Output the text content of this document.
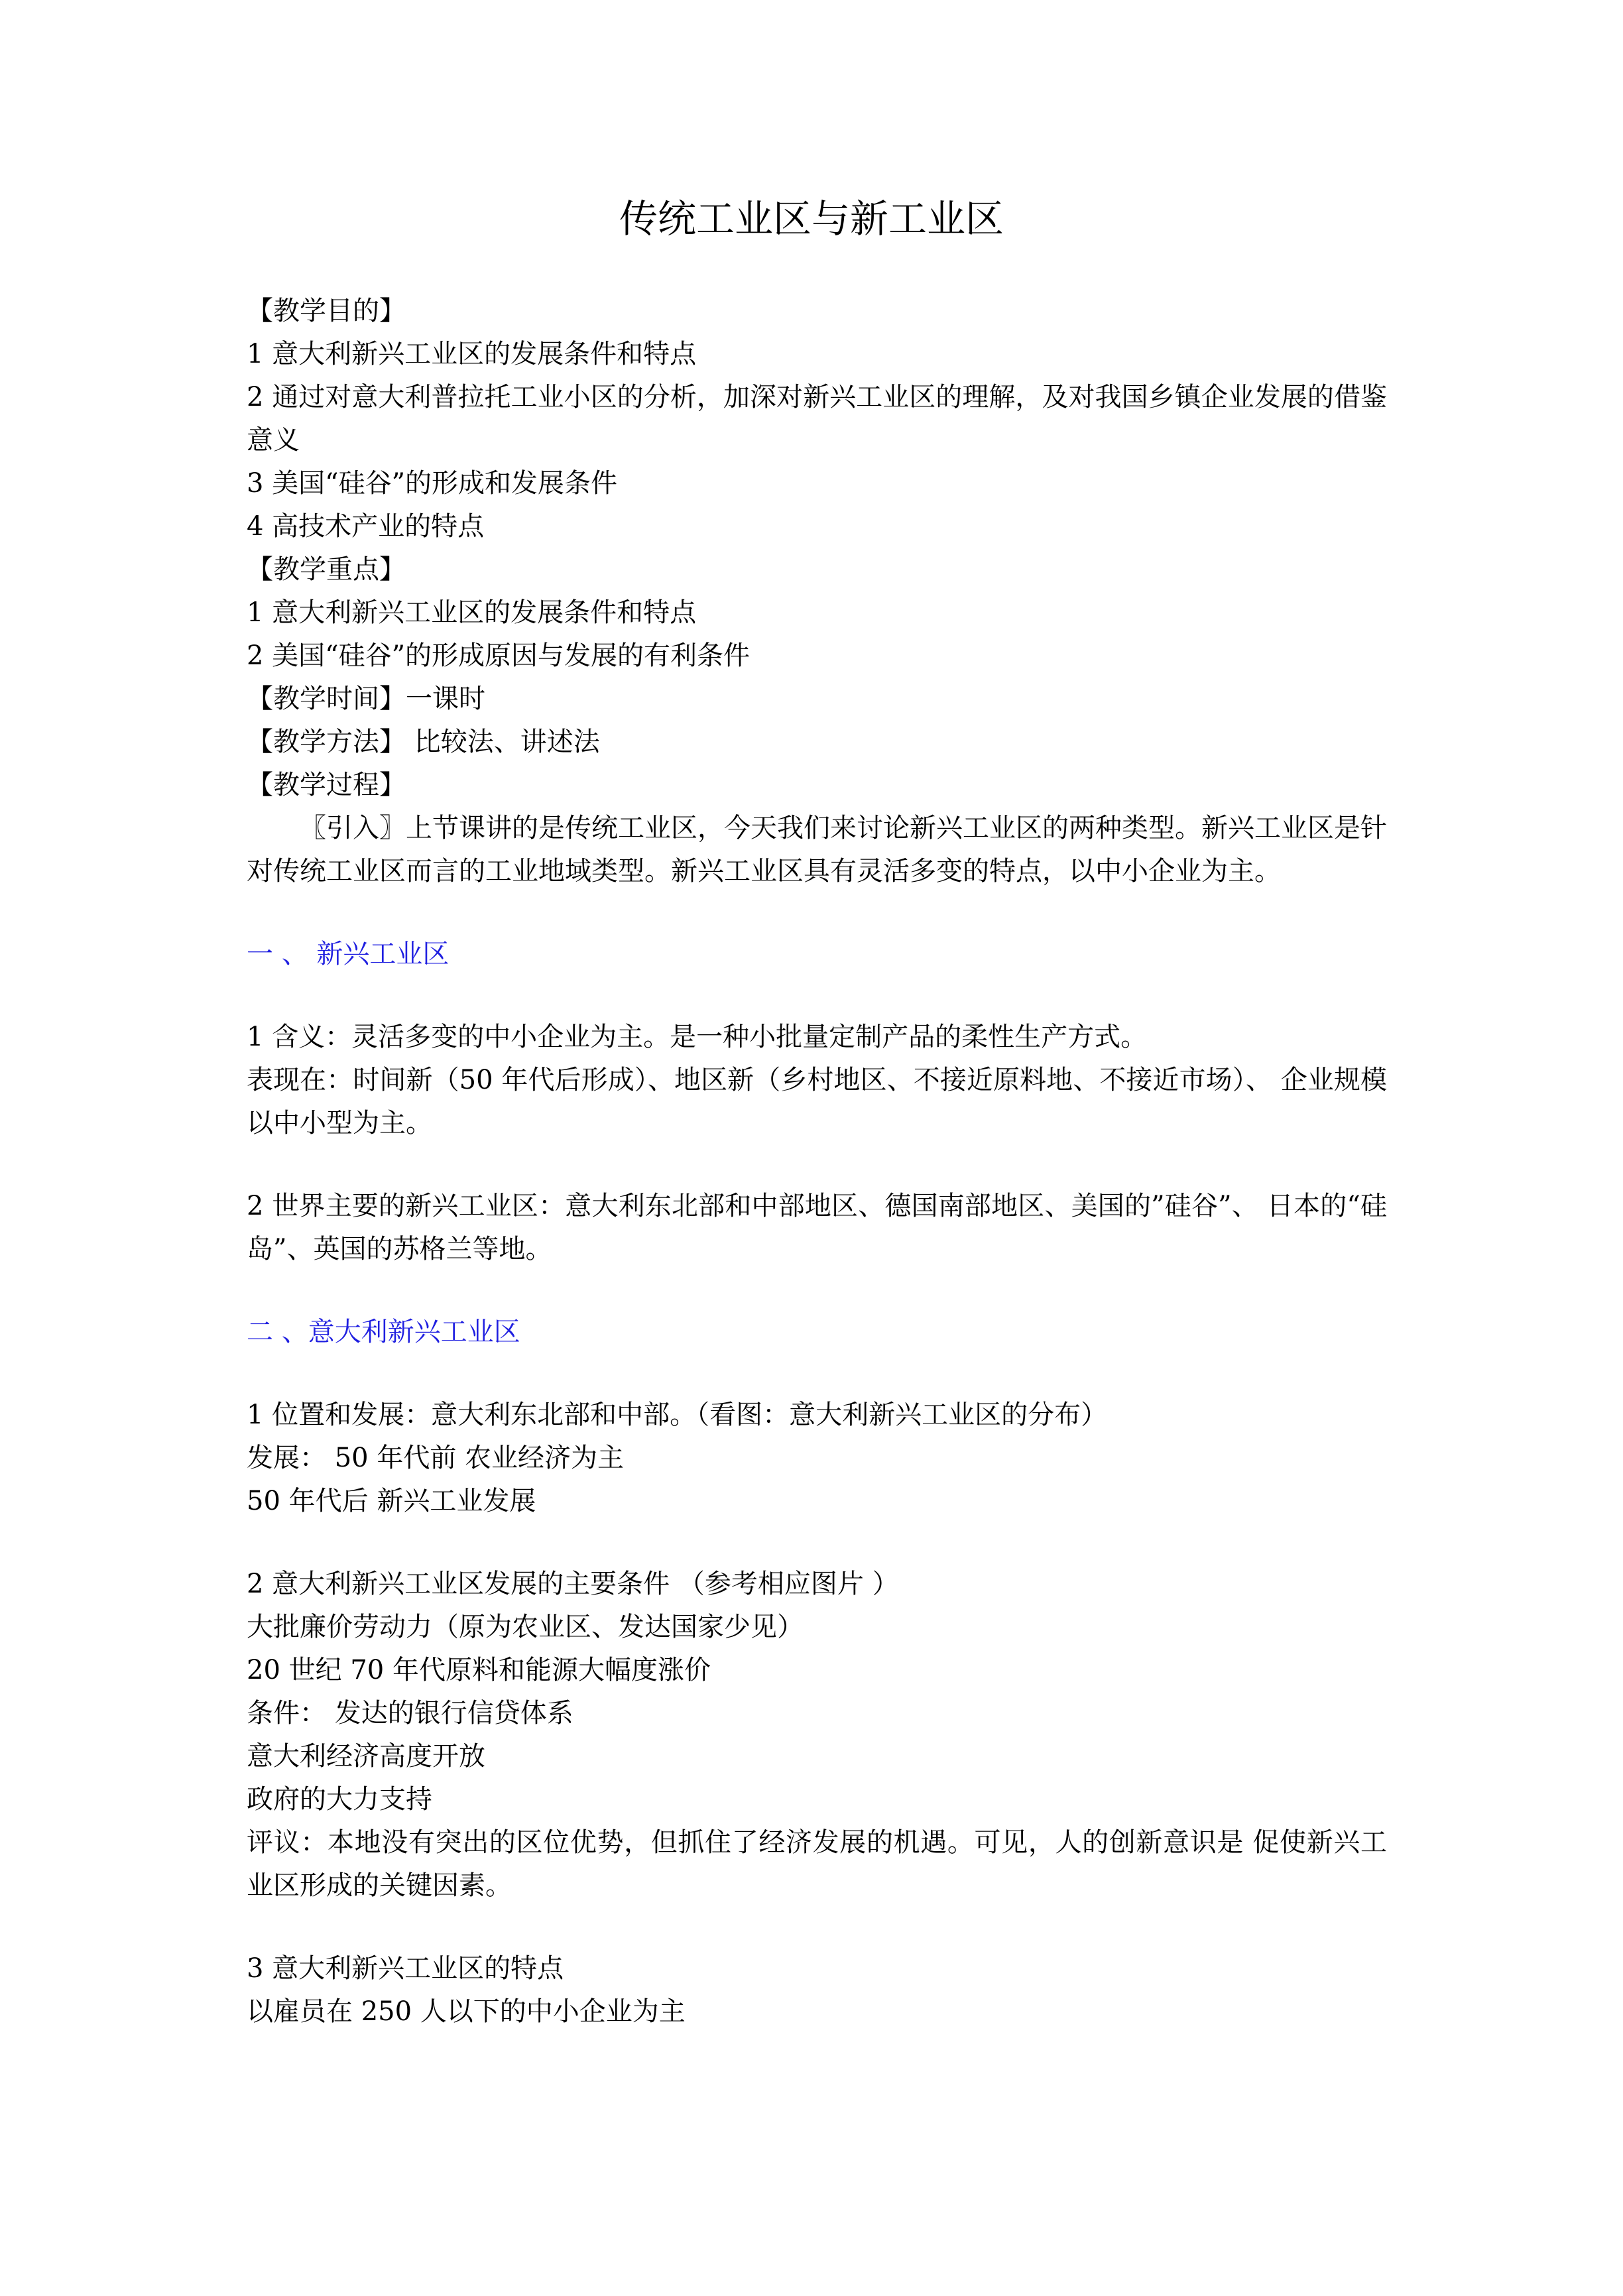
传统工业区与新工业区
【教学目的】
1 意大利新兴工业区的发展条件和特点
2 通过对意大利普拉托工业小区的分析，加深对新兴工业区的理解，及对我国乡镇企业发展的借鉴意义
3 美国“硅谷”的形成和发展条件
4 高技术产业的特点
【教学重点】
1 意大利新兴工业区的发展条件和特点
2 美国“硅谷”的形成原因与发展的有利条件
【教学时间】一课时
【教学方法】 比较法、讲述法
【教学过程】
〖引入〗上节课讲的是传统工业区，今天我们来讨论新兴工业区的两种类型。新兴工业区是针对传统工业区而言的工业地域类型。新兴工业区具有灵活多变的特点，以中小企业为主。
一 、 新兴工业区
1 含义：灵活多变的中小企业为主。是一种小批量定制产品的柔性生产方式。
表现在：时间新（50 年代后形成）、地区新（乡村地区、不接近原料地、不接近市场）、 企业规模以中小型为主。
2 世界主要的新兴工业区：意大利东北部和中部地区、德国南部地区、美国的”硅谷”、 日本的“硅岛”、英国的苏格兰等地。
二 、意大利新兴工业区
1 位置和发展：意大利东北部和中部。（看图：意大利新兴工业区的分布）
发展： 50 年代前 农业经济为主
50 年代后 新兴工业发展
2 意大利新兴工业区发展的主要条件 （参考相应图片 ）
大批廉价劳动力（原为农业区、发达国家少见）
20 世纪 70 年代原料和能源大幅度涨价
条件： 发达的银行信贷体系
意大利经济高度开放
政府的大力支持
评议：本地没有突出的区位优势，但抓住了经济发展的机遇。可见，人的创新意识是 促使新兴工业区形成的关键因素。
3 意大利新兴工业区的特点
以雇员在 250 人以下的中小企业为主
